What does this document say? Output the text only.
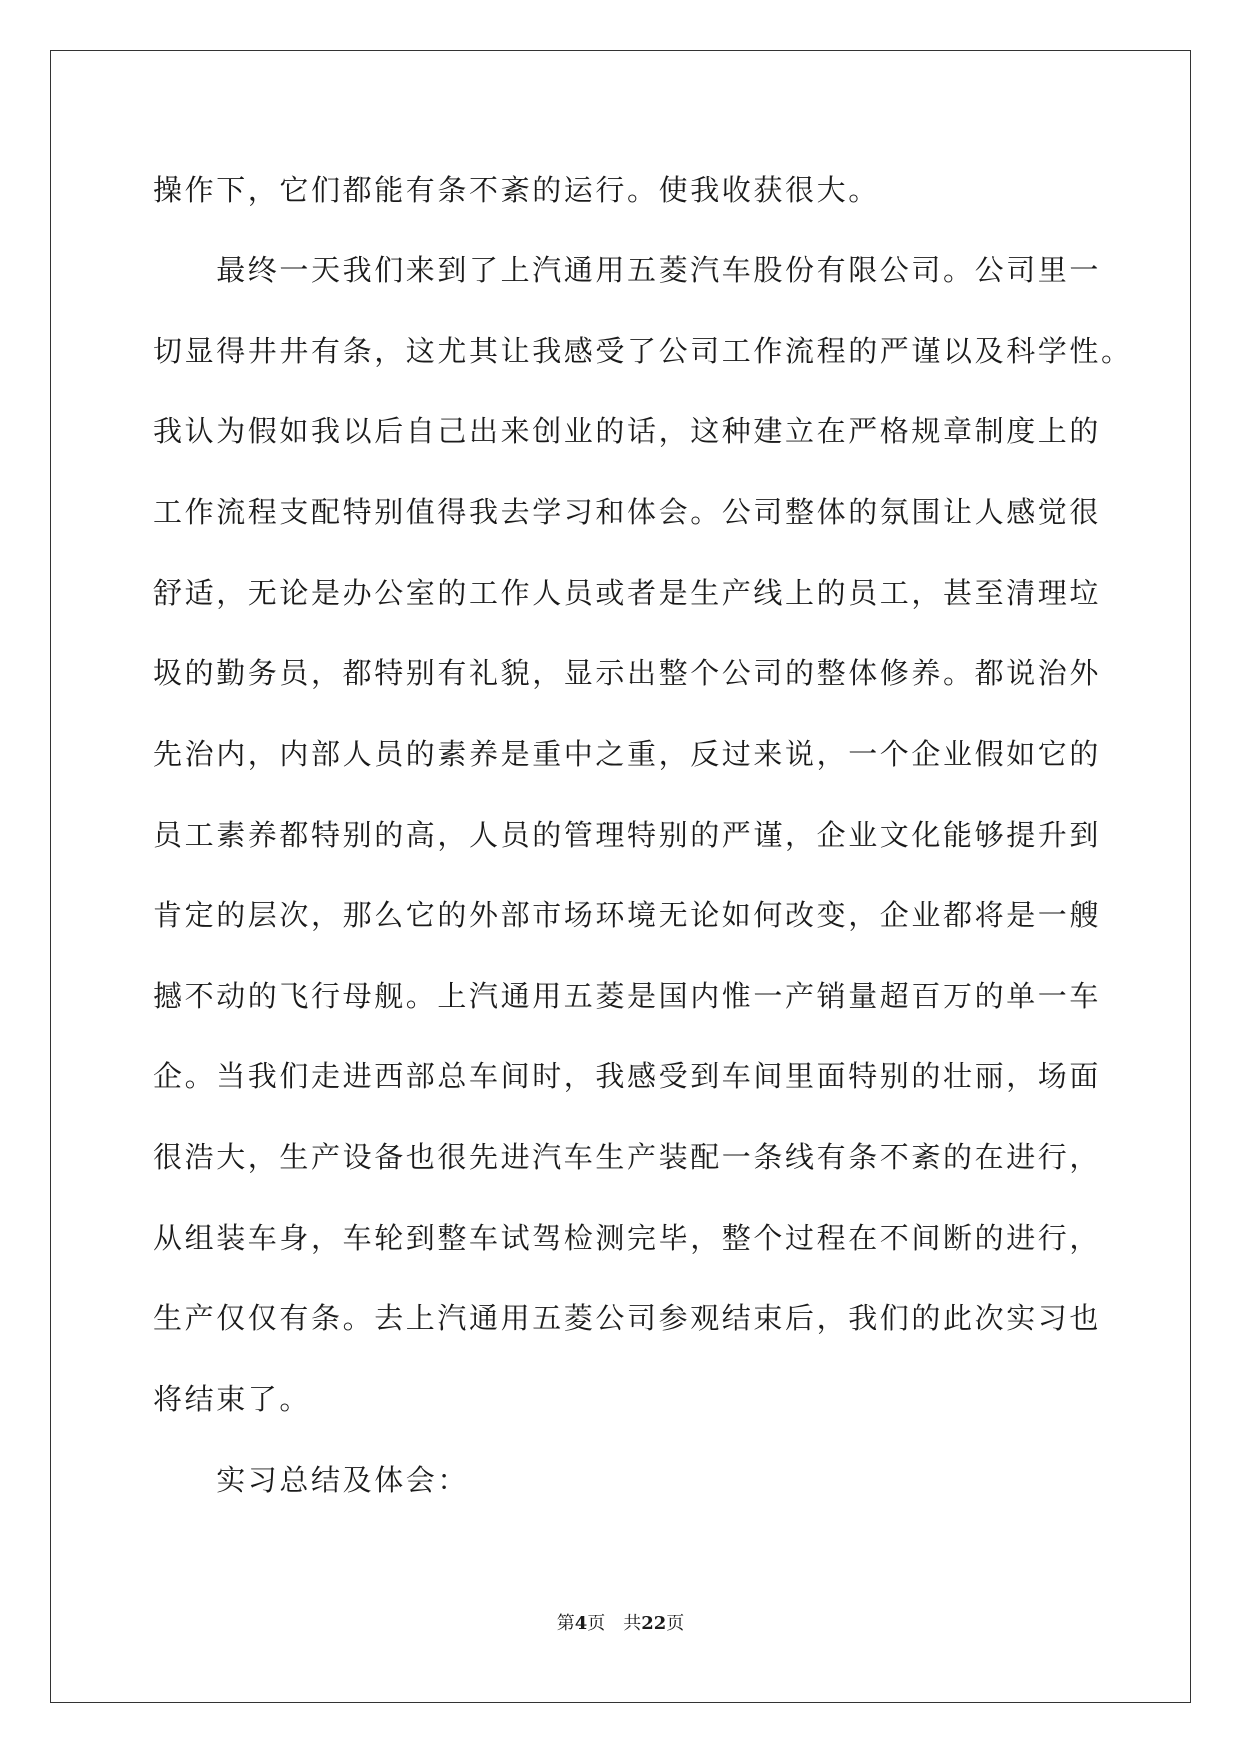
操作下，它们都能有条不紊的运行。使我收获很大。
　　最终一天我们来到了上汽通用五菱汽车股份有限公司。公司里一
切显得井井有条，这尤其让我感受了公司工作流程的严谨以及科学性。
我认为假如我以后自己出来创业的话，这种建立在严格规章制度上的
工作流程支配特别值得我去学习和体会。公司整体的氛围让人感觉很
舒适，无论是办公室的工作人员或者是生产线上的员工，甚至清理垃
圾的勤务员，都特别有礼貌，显示出整个公司的整体修养。都说治外
先治内，内部人员的素养是重中之重，反过来说，一个企业假如它的
员工素养都特别的高，人员的管理特别的严谨，企业文化能够提升到
肯定的层次，那么它的外部市场环境无论如何改变，企业都将是一艘
撼不动的飞行母舰。上汽通用五菱是国内惟一产销量超百万的单一车
企。当我们走进西部总车间时，我感受到车间里面特别的壮丽，场面
很浩大，生产设备也很先进汽车生产装配一条线有条不紊的在进行，
从组装车身，车轮到整车试驾检测完毕，整个过程在不间断的进行，
生产仅仅有条。去上汽通用五菱公司参观结束后，我们的此次实习也
将结束了。
　　实习总结及体会：
第4页 共22页
